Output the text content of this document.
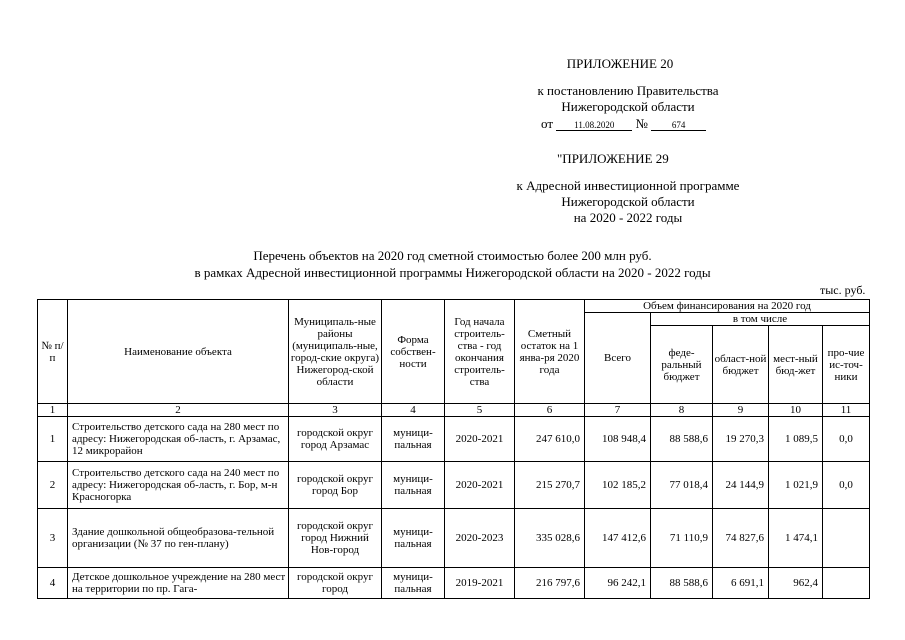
ПРИЛОЖЕНИЕ 20
к постановлению Правительства
Нижегородской области
от 11.08.2020 №	674
"ПРИЛОЖЕНИЕ 29
к Адресной инвестиционной программе
Нижегородской области
на 2020 - 2022 годы
Перечень объектов на 2020 год сметной стоимостью более 200 млн руб.
в рамках Адресной инвестиционной программы Нижегородской области на 2020 - 2022 годы
тыс. руб.
№ п/п	Наименование объекта	Муниципаль-ные районы (муниципаль-ные, город-ские округа) Нижегород-ской области	Форма собствен-ности	Год начала строитель-ства - год окончания строитель-ства	Сметный остаток на 1 янва-ря 2020 года	Объем финансирования на 2020 год				
						Всего	в том числе			
							феде-ральный бюджет	област-ной бюджет	мест-ный бюд-жет	про-чие ис-точ-ники
1	2	3	4	5	6	7	8	9	10	11
1	Строительство детского сада на 280 мест по адресу: Нижегородская об-ласть, г. Арзамас, 12 микрорайон	городской округ город Арзамас	муници-пальная	2020-2021	247 610,0	108 948,4	88 588,6	19 270,3	1 089,5	0,0
2	Строительство детского сада на 240 мест по адресу: Нижегородская об-ласть, г. Бор, м-н Красногорка	городской округ город Бор	муници-пальная	2020-2021	215 270,7	102 185,2	77 018,4	24 144,9	1 021,9	0,0
3	Здание дошкольной общеобразова-тельной организации (№ 37 по ген-плану)	городской округ город Нижний Нов-город	муници-пальная	2020-2023	335 028,6	147 412,6	71 110,9	74 827,6	1 474,1	
4	Детское дошкольное учреждение на 280 мест на территории по пр. Гага-	городской округ город	муници-пальная	2019-2021	216 797,6	96 242,1	88 588,6	6 691,1	962,4	
